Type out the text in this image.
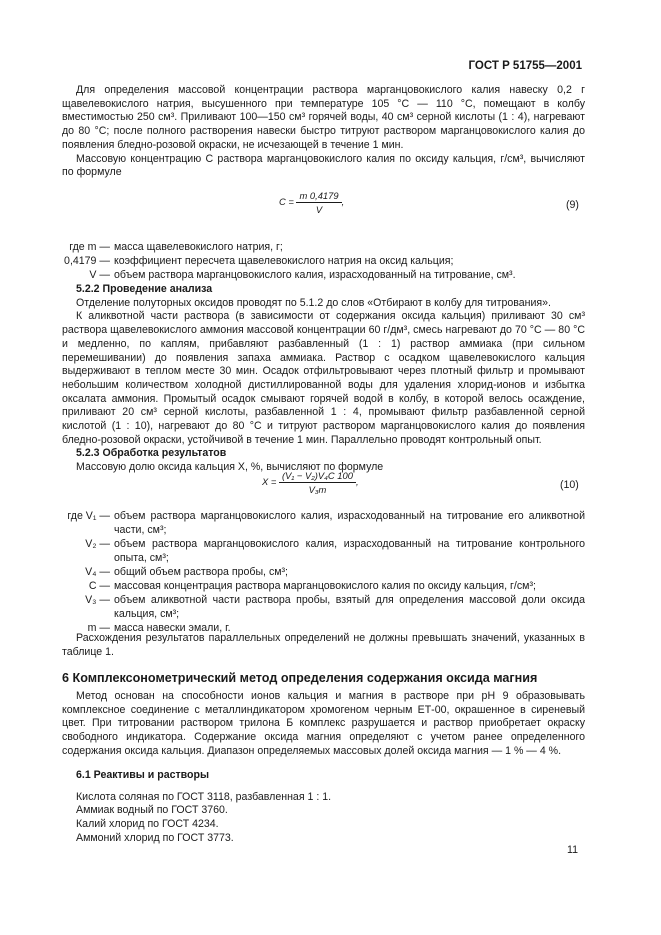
ГОСТ Р 51755—2001

Для определения массовой концентрации раствора марганцовокислого калия навеску 0,2 г щавелевокислого натрия, высушенного при температуре 105 °С — 110 °С, помещают в колбу вместимостью 250 см³. Приливают 100—150 см³ горячей воды, 40 см³ серной кислоты (1 : 4), нагревают до 80 °С; после полного растворения навески быстро титруют раствором марганцовокислого калия до появления бледно-розовой окраски, не исчезающей в течение 1 мин.

Массовую концентрацию С раствора марганцовокислого калия по оксиду кальция, г/см³, вычисляют по формуле

$C = \frac{m 0,4179}{V}$ ,	(9)
где m — масса щавелевокислого натрия, г;
0,4179 — коэффициент пересчета щавелевокислого натрия на оксид кальция;
V — объем раствора марганцовокислого калия, израсходованный на титрование, см³.

5.2.2 Проведение анализа

Отделение полуторных оксидов проводят по 5.1.2 до слов «Отбирают в колбу для титрования».

К аликвотной части раствора (в зависимости от содержания оксида кальция) приливают 30 см³ раствора щавелевокислого аммония массовой концентрации 60 г/дм³, смесь нагревают до 70 °С — 80 °С и медленно, по каплям, прибавляют разбавленный (1 : 1) раствор аммиака (при сильном перемешивании) до появления запаха аммиака. Раствор с осадком щавелевокислого кальция выдерживают в теплом месте 30 мин. Осадок отфильтровывают через плотный фильтр и промывают небольшим количеством холодной дистиллированной воды для удаления хлорид-ионов и избытка оксалата аммония. Промытый осадок смывают горячей водой в колбу, в которой велось осаждение, приливают 20 см³ серной кислоты, разбавленной 1 : 4, промывают фильтр разбавленной серной кислотой (1 : 10), нагревают до 80 °С и титруют раствором марганцовокислого калия до появления бледно-розовой окраски, устойчивой в течение 1 мин. Параллельно проводят контрольный опыт.

5.2.3 Обработка результатов

Массовую долю оксида кальция Х, %, вычисляют по формуле

$X = \frac{\text{(V₁ − V₂)V₄C 100}}{\text{V₃m}}$ ,	(10)
где V₁ — объем раствора марганцовокислого калия, израсходованный на титрование его аликвотной части, см³;
V₂ — объем раствора марганцовокислого калия, израсходованный на титрование контрольного опыта, см³;
V₄ — общий объем раствора пробы, см³;
C — массовая концентрация раствора марганцовокислого калия по оксиду кальция, г/см³;
V₃ — объем аликвотной части раствора пробы, взятый для определения массовой доли оксида кальция, см³;
m — масса навески эмали, г.

Расхождения результатов параллельных определений не должны превышать значений, указанных в таблице 1.

6 Комплексонометрический метод определения содержания оксида магния

Метод основан на способности ионов кальция и магния в растворе при рН 9 образовывать комплексное соединение с металлиндикатором хромогеном черным ЕТ-00, окрашенное в сиреневый цвет. При титровании раствором трилона Б комплекс разрушается и раствор приобретает окраску свободного индикатора. Содержание оксида магния определяют с учетом ранее определенного содержания оксида кальция. Диапазон определяемых массовых долей оксида магния — 1 % — 4 %.

6.1 Реактивы и растворы

Кислота соляная по ГОСТ 3118, разбавленная 1 : 1.

Аммиак водный по ГОСТ 3760.

Калий хлорид по ГОСТ 4234.

Аммоний хлорид по ГОСТ 3773.

11
